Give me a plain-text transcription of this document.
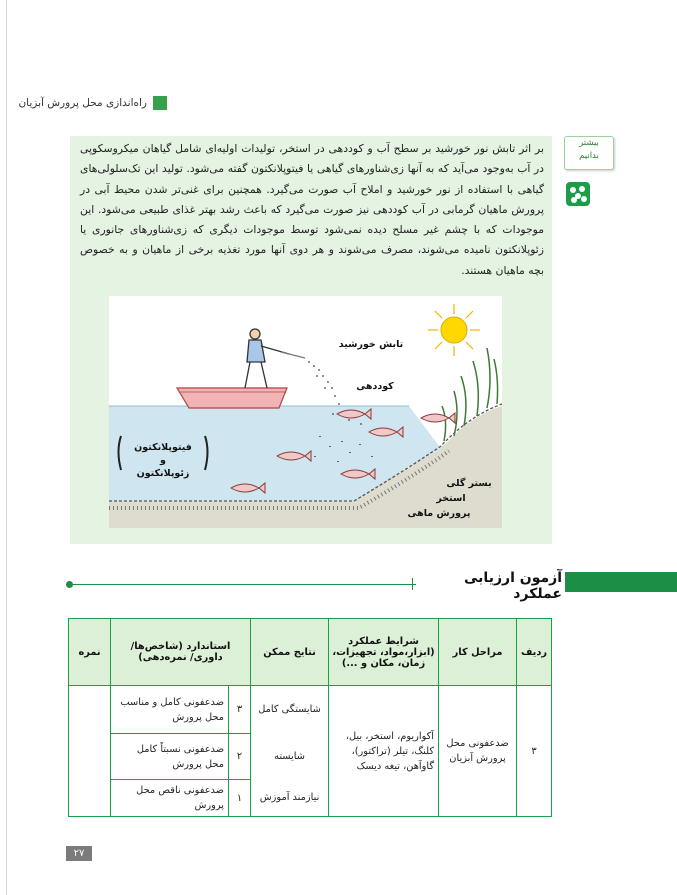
راه‌اندازی محل پرورش آبزیان

بر اثر تابش نور خورشید بر سطح آب و کوددهی در استخر، تولیدات اولیه‌ای شامل گیاهان میکروسکوپی در آب به‌وجود می‌آید که به آنها زی‌شناورهای گیاهی یا فیتوپلانکتون گفته می‌شود. تولید این تک‌سلولی‌های گیاهی با استفاده از نور خورشید و املاح آب صورت می‌گیرد. همچنین برای غنی‌تر شدن محیط آبی در پرورش ماهیان گرمابی در آب کوددهی نیز صورت می‌گیرد که باعث رشد بهتر غذای طبیعی می‌شود. این موجودات که با چشم غیر مسلح دیده نمی‌شود توسط موجودات دیگری که زی‌شناورهای جانوری یا زئوپلانکتون نامیده می‌شوند، مصرف می‌شوند و هر دوی آنها مورد تغذیه برخی از ماهیان و به خصوص بچه ماهیان هستند.

بیشتر
بدانیم
تابش خورشید
کوددهی
فیتوپلانکتون
و
زئوپلانکتون
بستر گلی
استخر
پرورش ماهی
آزمون ارزیابی عملکرد
ردیف	مراحل کار	شرایط عملکرد (ابزار،مواد، تجهیزات، زمان، مکان و ...)	نتایج ممکن	استاندارد (شاخص‌ها/ داوری/ نمره‌دهی)		نمره
۳	ضدعفونی محل پرورش آبزیان	آکواریوم، استخر، بیل، کلنگ، تیلر (تراکتور)، گاوآهن، تیغه دیسک	شایستگی کامل	۳	ضدعفونی کامل و مناسب محل پرورش	
			شایسته	۲	ضدعفونی نسبتاً کامل محل پرورش	
			نیازمند آموزش	۱	ضدعفونی ناقص محل پرورش	
۲۷
